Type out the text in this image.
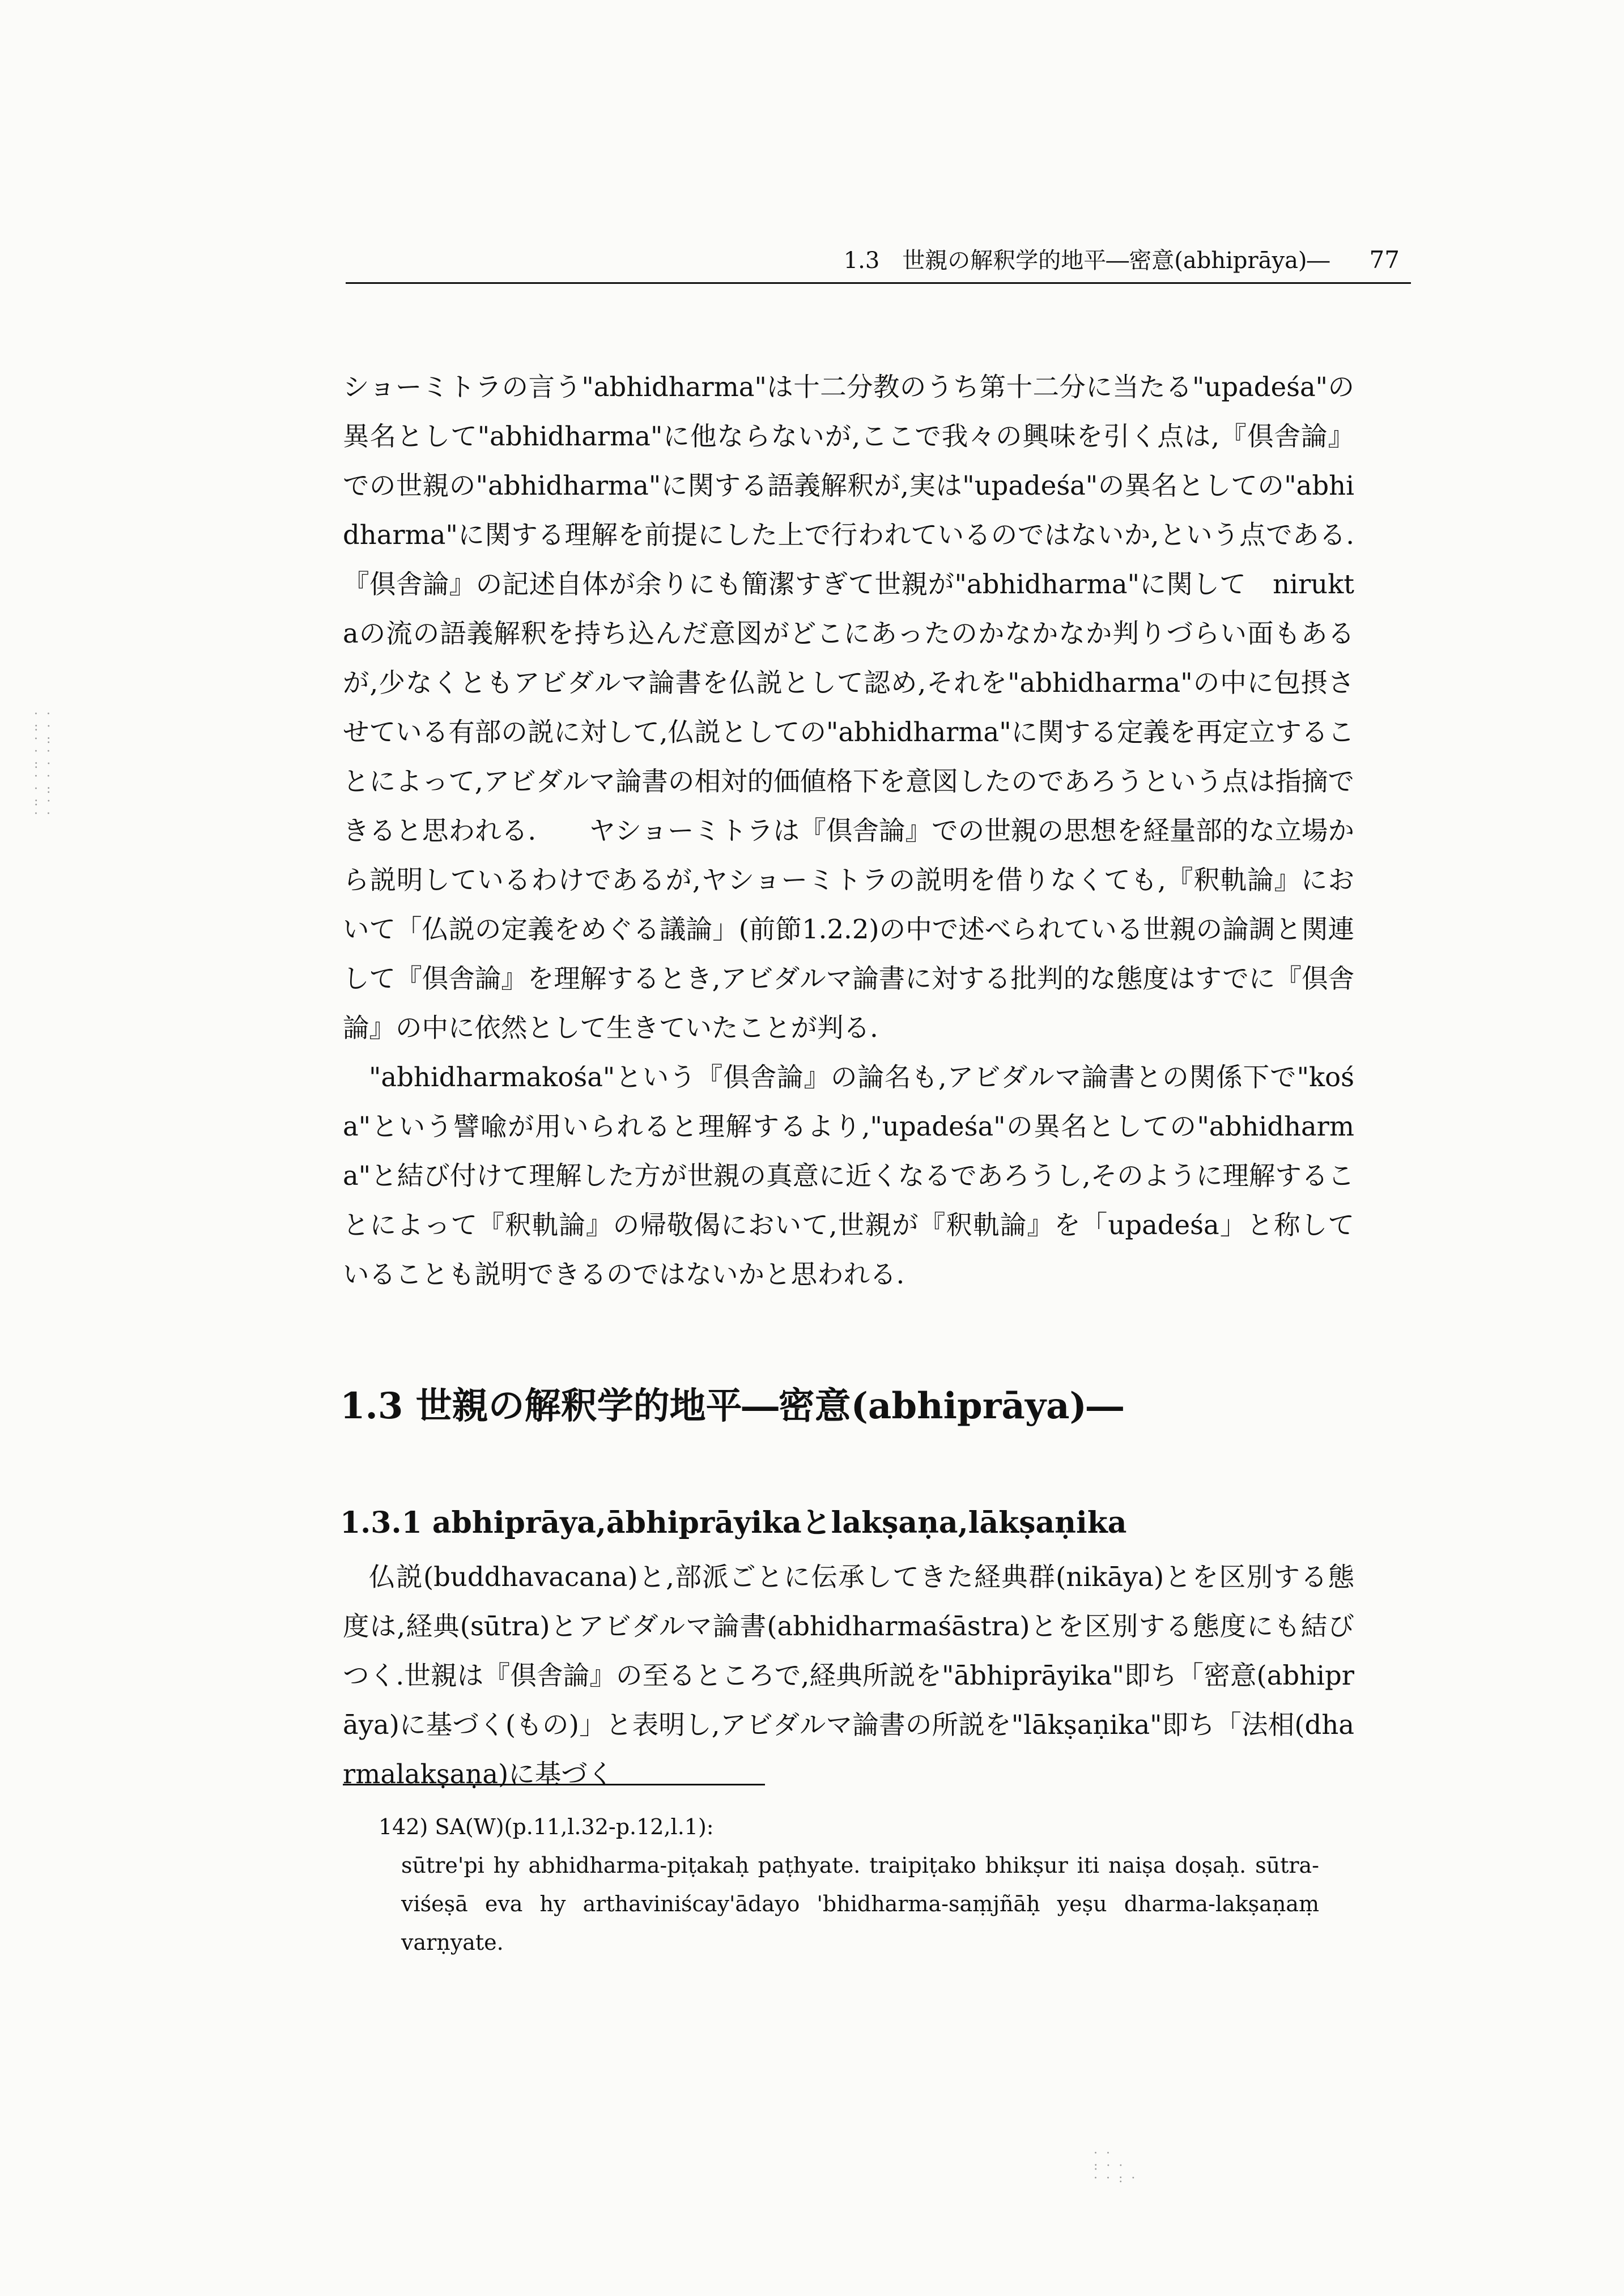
1.3　世親の解釈学的地平―密意(abhiprāya)― 77

ショーミトラの言う"abhidharma"は十二分教のうち第十二分に当たる"upadeśa"の異名として"abhidharma"に他ならないが,ここで我々の興味を引く点は,『倶舎論』での世親の"abhidharma"に関する語義解釈が,実は"upadeśa"の異名としての"abhidharma"に関する理解を前提にした上で行われているのではないか,という点である.『倶舎論』の記述自体が余りにも簡潔すぎて世親が"abhidharma"に関して　niruktaの流の語義解釈を持ち込んだ意図がどこにあったのかなかなか判りづらい面もあるが,少なくともアビダルマ論書を仏説として認め,それを"abhidharma"の中に包摂させている有部の説に対して,仏説としての"abhidharma"に関する定義を再定立することによって,アビダルマ論書の相対的価値格下を意図したのであろうという点は指摘できると思われる.　　ヤショーミトラは『倶舎論』での世親の思想を経量部的な立場から説明しているわけであるが,ヤショーミトラの説明を借りなくても,『釈軌論』において「仏説の定義をめぐる議論」(前節1.2.2)の中で述べられている世親の論調と関連して『倶舎論』を理解するとき,アビダルマ論書に対する批判的な態度はすでに『倶舎論』の中に依然として生きていたことが判る.

"abhidharmakośa"という『倶舎論』の論名も,アビダルマ論書との関係下で"kośa"という譬喩が用いられると理解するより,"upadeśa"の異名としての"abhidharma"と結び付けて理解した方が世親の真意に近くなるであろうし,そのように理解することによって『釈軌論』の帰敬偈において,世親が『釈軌論』を「upadeśa」と称していることも説明できるのではないかと思われる.

1.3 世親の解釈学的地平―密意(abhiprāya)―
1.3.1 abhiprāya,ābhiprāyikaとlakṣaṇa,lākṣaṇika

仏説(buddhavacana)と,部派ごとに伝承してきた経典群(nikāya)とを区別する態度は,経典(sūtra)とアビダルマ論書(abhidharmaśāstra)とを区別する態度にも結びつく.世親は『倶舎論』の至るところで,経典所説を"ābhiprāyika"即ち「密意(abhiprāya)に基づく(もの)」と表明し,アビダルマ論書の所説を"lākṣaṇika"即ち「法相(dharmalakṣaṇa)に基づく

142) SA(W)(p.11,l.32-p.12,l.1):

sūtre'pi hy abhidharma-piṭakaḥ paṭhyate. traipiṭako bhikṣur iti naiṣa doṣaḥ. sūtra-viśeṣā eva hy arthaviniścay'ādayo 'bhidharma-saṃjñāḥ yeṣu dharma-lakṣaṇaṃ varṇyate.

· ·
: ·
· :
· ·
: ·
· ·
· :
: ·
· ·
· ·
: · ·
· · : ·
